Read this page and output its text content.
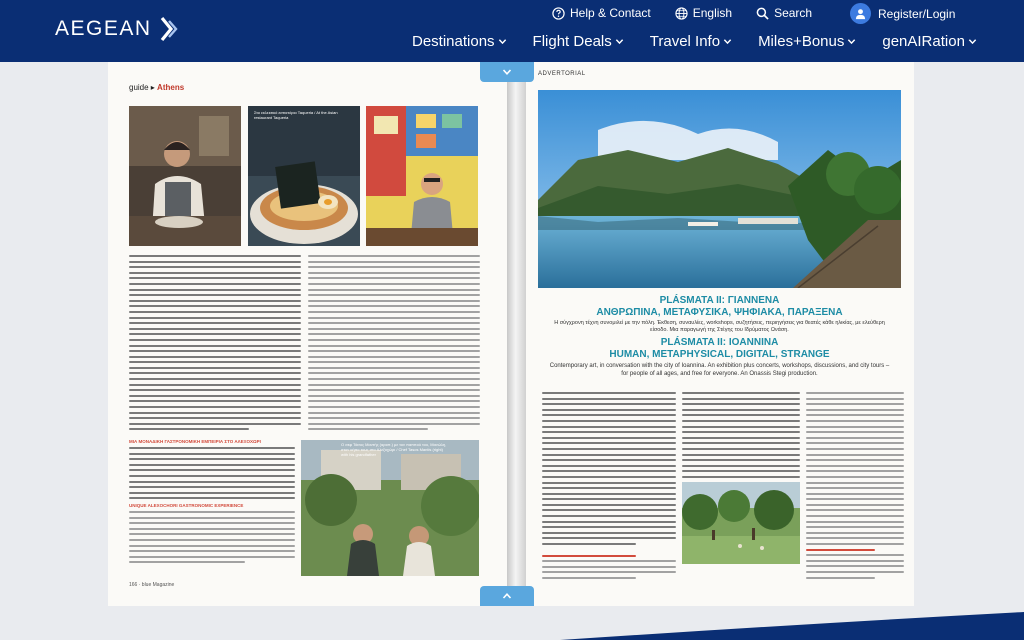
AEGEAN
Help & Contact	English	Search	Register/Login
Destinations	Flight Deals	Travel Info	Miles+Bonus	genAIRation
guide ▸ Athens
Στο εκλεκτικό εστιατόριο Taqueria / At the Asian restaurant Taqueria
ΜΙΑ ΜΟΝΑΔΙΚΗ ΓΑΣΤΡΟΝΟΜΙΚΗ ΕΜΠΕΙΡΙΑ ΣΤΟ ΑΛΕΞΟΧΩΡΙ
UNIQUE ALEXOCHORI GASTRONOMIC EXPERIENCE
Ο σεφ Τάσος Μαντής (αριστ.) με τον παππού του, Μανώλη, στον κήπο τους στο Αλεξοχώρι / Chef Tasos Mantis (right) with his grandfather
166 · blue Magazine
ADVERTORIAL
PLÁSMATA II: ΓΙΑΝΝΕΝΑ
ΑΝΘΡΩΠΙΝΑ, ΜΕΤΑΦΥΣΙΚΑ, ΨΗΦΙΑΚΑ, ΠΑΡΑΞΕΝΑ
Η σύγχρονη τέχνη συνομιλεί με την πόλη. Έκθεση, συναυλίες, workshops, συζητήσεις, περιηγήσεις για θεατές κάθε ηλικίας, με ελεύθερη είσοδο. Μια παραγωγή της Στέγης του Ιδρύματος Ωνάση.
PLÁSMATA II: IOANNINA
HUMAN, METAPHYSICAL, DIGITAL, STRANGE
Contemporary art, in conversation with the city of Ioannina. An exhibition plus concerts, workshops, discussions, and city tours – for people of all ages, and free for everyone. An Onassis Stegi production.
